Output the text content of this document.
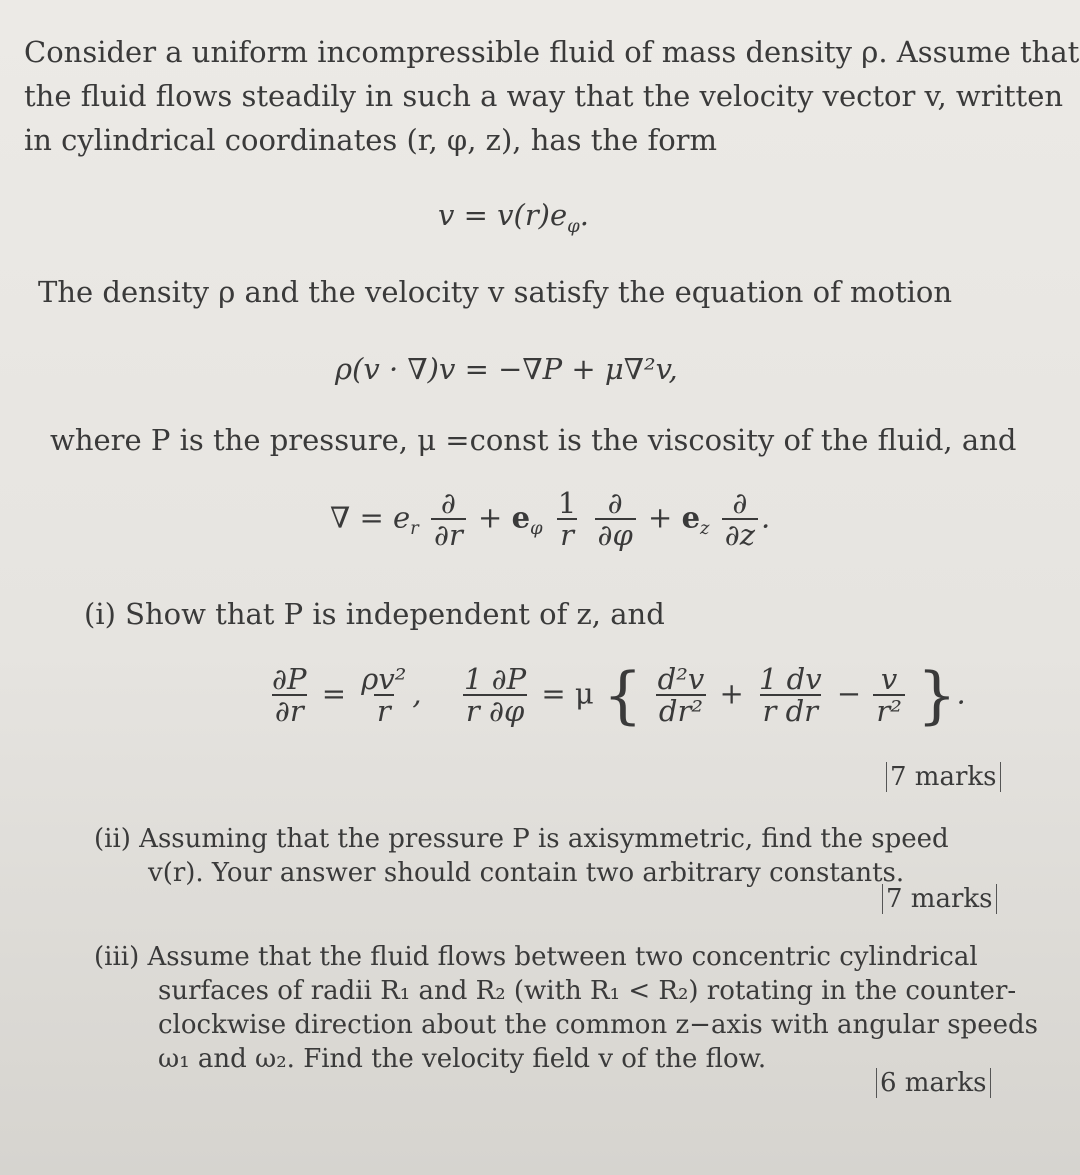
Consider a uniform incompressible fluid of mass density ρ. Assume that

the fluid flows steadily in such a way that the velocity vector v, written

in cylindrical coordinates (r, φ, z), has the form

$v = v(r)e_\varphi$.

The density ρ and the velocity v satisfy the equation of motion

ρ(v · ∇)v = −∇P + μ∇²v,

where P is the pressure, μ =const is the viscosity of the fluid, and

∇ = $e_r \frac{\partial}{\partial r} + e_\varphi \frac{1}{r}$
$\frac{\partial}{\partial\varphi} + e_z \frac{\partial}{\partial z}$ .

(i) Show that P is independent of z, and

$\frac{\partial P}{\partial r} = \frac{\text{ρv²}}{r}$ , $\frac{1 \partial P}{r \partial\varphi} = \mu$ { $\frac{\text{d²v}}{\text{dr²}} + \frac{1 dv}{\text{r dr}} - \frac{v}{\text{r²}}$ }.
7 marks
(ii) Assuming that the pressure P is axisymmetric, find the speed
v(r). Your answer should contain two arbitrary constants.
7 marks
(iii) Assume that the fluid flows between two concentric cylindrical
surfaces of radii R₁ and R₂ (with R₁ < R₂) rotating in the counter-
clockwise direction about the common z−axis with angular speeds
ω₁ and ω₂. Find the velocity field v of the flow.
6 marks
